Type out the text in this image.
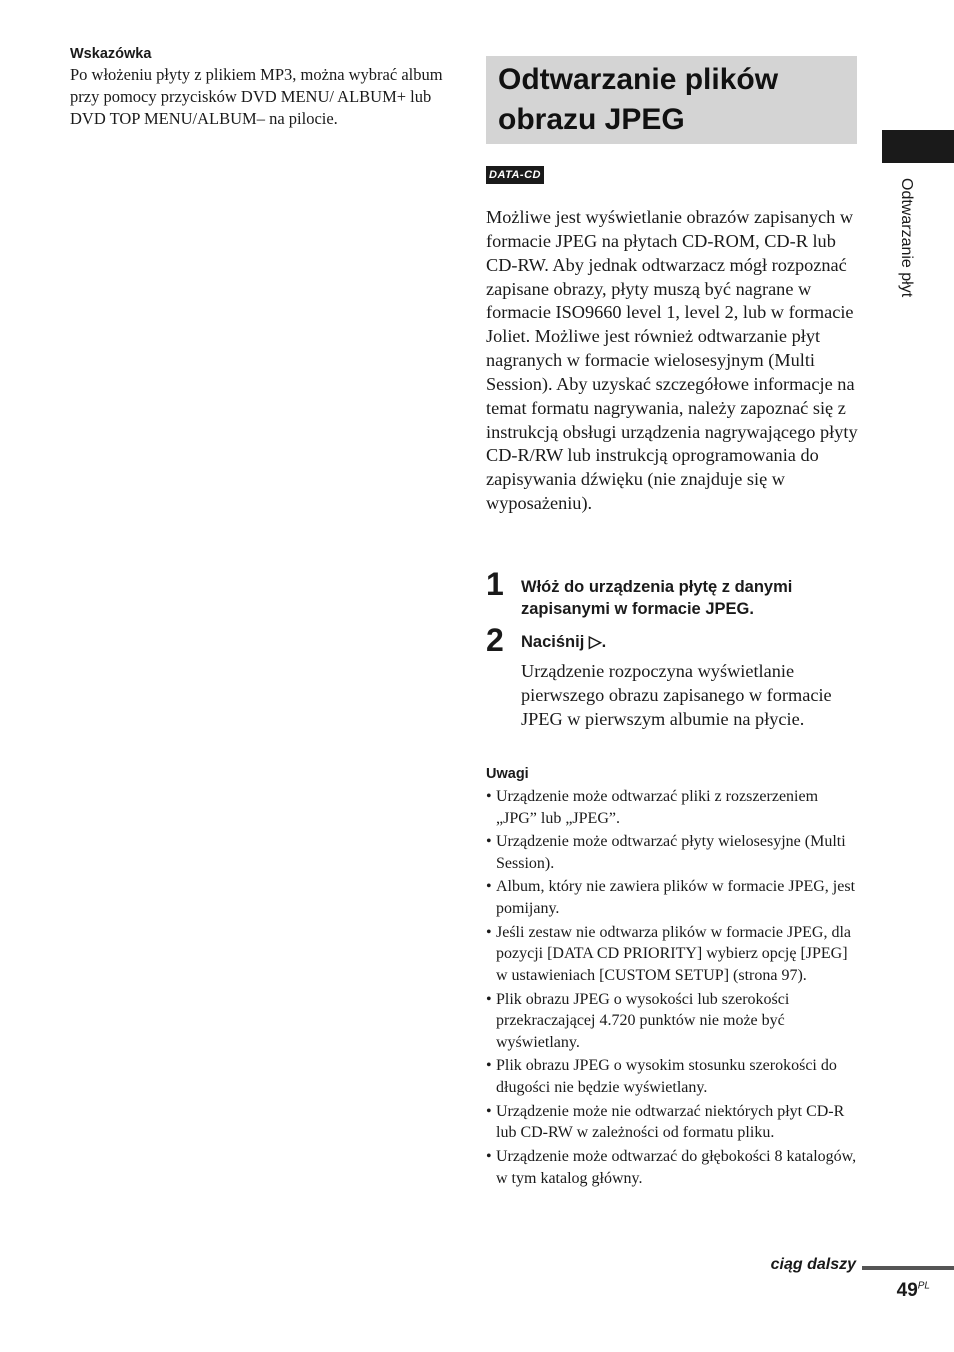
Wskazówka
Po włożeniu płyty z plikiem MP3, można wybrać album przy pomocy przycisków DVD MENU/ ALBUM+ lub DVD TOP MENU/ALBUM– na pilocie.
Odtwarzanie plików
obrazu JPEG
DATA-CD
Możliwe jest wyświetlanie obrazów zapisanych w formacie JPEG na płytach CD-ROM, CD-R lub CD-RW. Aby jednak odtwarzacz mógł rozpoznać zapisane obrazy, płyty muszą być nagrane w formacie ISO9660 level 1, level 2, lub w formacie Joliet. Możliwe jest również odtwarzanie płyt nagranych w formacie wielosesyjnym (Multi Session). Aby uzyskać szczegółowe informacje na temat formatu nagrywania, należy zapoznać się z instrukcją obsługi urządzenia nagrywającego płyty CD-R/RW lub instrukcją oprogramowania do zapisywania dźwięku (nie znajduje się w wyposażeniu).
1 Włóż do urządzenia płytę z danymi zapisanymi w formacie JPEG.
2 Naciśnij ▷.
Urządzenie rozpoczyna wyświetlanie pierwszego obrazu zapisanego w formacie JPEG w pierwszym albumie na płycie.
Uwagi
• Urządzenie może odtwarzać pliki z rozszerzeniem „JPG” lub „JPEG”.
• Urządzenie może odtwarzać płyty wielosesyjne (Multi Session).
• Album, który nie zawiera plików w formacie JPEG, jest pomijany.
• Jeśli zestaw nie odtwarza plików w formacie JPEG, dla pozycji [DATA CD PRIORITY] wybierz opcję [JPEG] w ustawieniach [CUSTOM SETUP] (strona 97).
• Plik obrazu JPEG o wysokości lub szerokości przekraczającej 4.720 punktów nie może być wyświetlany.
• Plik obrazu JPEG o wysokim stosunku szerokości do długości nie będzie wyświetlany.
• Urządzenie może nie odtwarzać niektórych płyt CD-R lub CD-RW w zależności od formatu pliku.
• Urządzenie może odtwarzać do głębokości 8 katalogów, w tym katalog główny.
Odtwarzanie płyt
ciąg dalszy
$49^{PL}$
